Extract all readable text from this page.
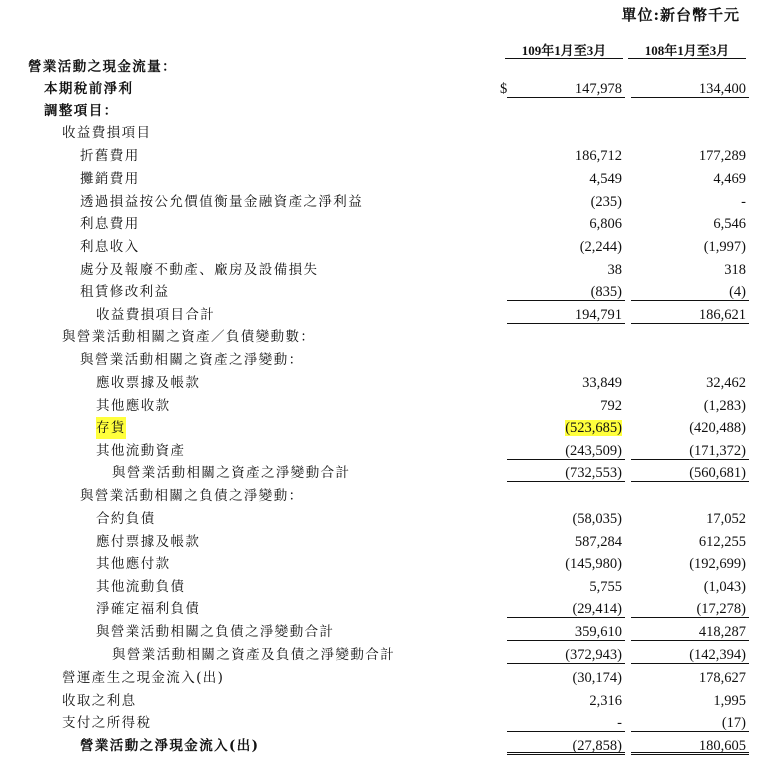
單位:新台幣千元
109年1月至3月	108年1月至3月
營業活動之現金流量：
本期稅前淨利	$	147,978	134,400
調整項目：
收益費損項目
折舊費用	186,712	177,289
攤銷費用	4,549	4,469
透過損益按公允價值衡量金融資產之淨利益	(235)	-
利息費用	6,806	6,546
利息收入	(2,244)	(1,997)
處分及報廢不動產、廠房及設備損失	38	318
租賃修改利益	(835)	(4)
收益費損項目合計	194,791	186,621
與營業活動相關之資產／負債變動數：
與營業活動相關之資產之淨變動：
應收票據及帳款	33,849	32,462
其他應收款	792	(1,283)
存貨	(523,685)	(420,488)
其他流動資產	(243,509)	(171,372)
與營業活動相關之資產之淨變動合計	(732,553)	(560,681)
與營業活動相關之負債之淨變動：
合約負債	(58,035)	17,052
應付票據及帳款	587,284	612,255
其他應付款	(145,980)	(192,699)
其他流動負債	5,755	(1,043)
淨確定福利負債	(29,414)	(17,278)
與營業活動相關之負債之淨變動合計	359,610	418,287
與營業活動相關之資產及負債之淨變動合計	(372,943)	(142,394)
營運產生之現金流入(出)	(30,174)	178,627
收取之利息	2,316	1,995
支付之所得稅	-	(17)
營業活動之淨現金流入(出)	(27,858)	180,605
